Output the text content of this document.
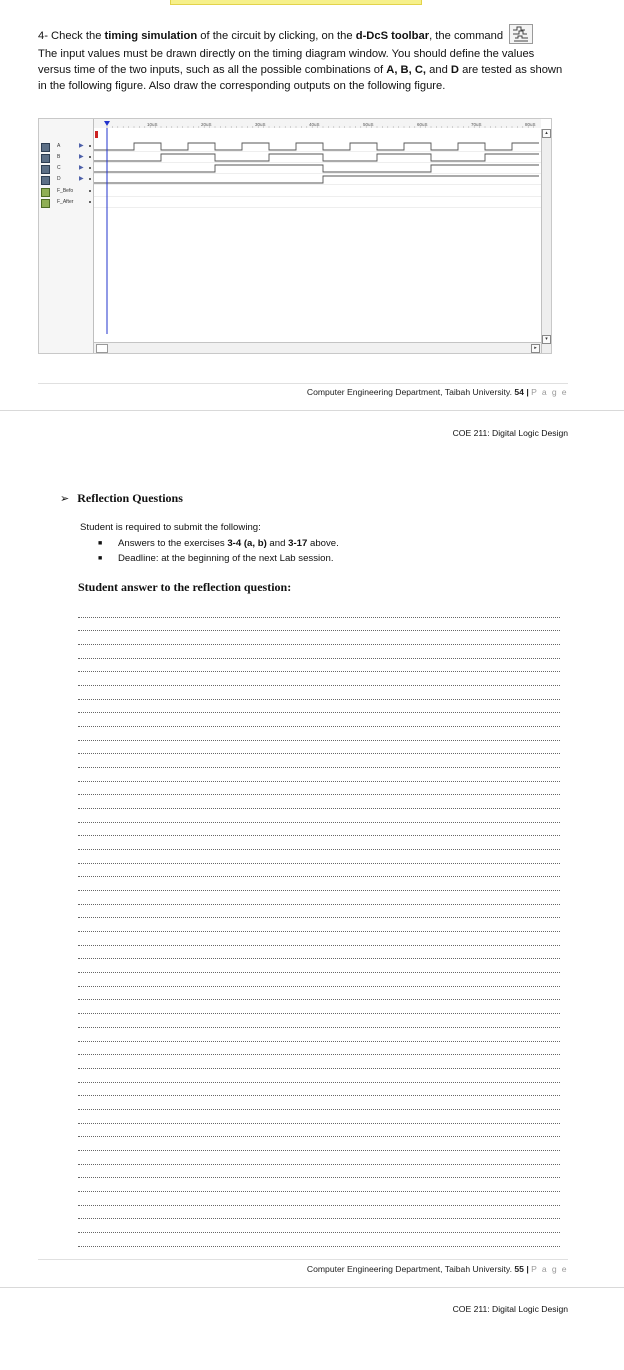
4- Check the timing simulation of the circuit by clicking, on the d-DcS toolbar, the command
The input values must be drawn directly on the timing diagram window. You should define the values versus time of the two inputs, such as all the possible combinations of A, B, C, and D are tested as shown in the following figure. Also draw the corresponding outputs on the following figure.

A	▶
B	▶
C	▶
D	▶
F_Befo
F_After
10uS	20uS	30uS	40uS	50uS	60uS	70uS	80uS
▴
▾
▸
Computer Engineering Department, Taibah University. 54 | P a g e
COE 211: Digital Logic Design
➢ Reflection Questions
Student is required to submit the following:
■ Answers to the exercises 3-4 (a, b) and 3-17 above.
■ Deadline: at the beginning of the next Lab session.
Student answer to the reflection question:
Computer Engineering Department, Taibah University. 55 | P a g e
COE 211: Digital Logic Design
